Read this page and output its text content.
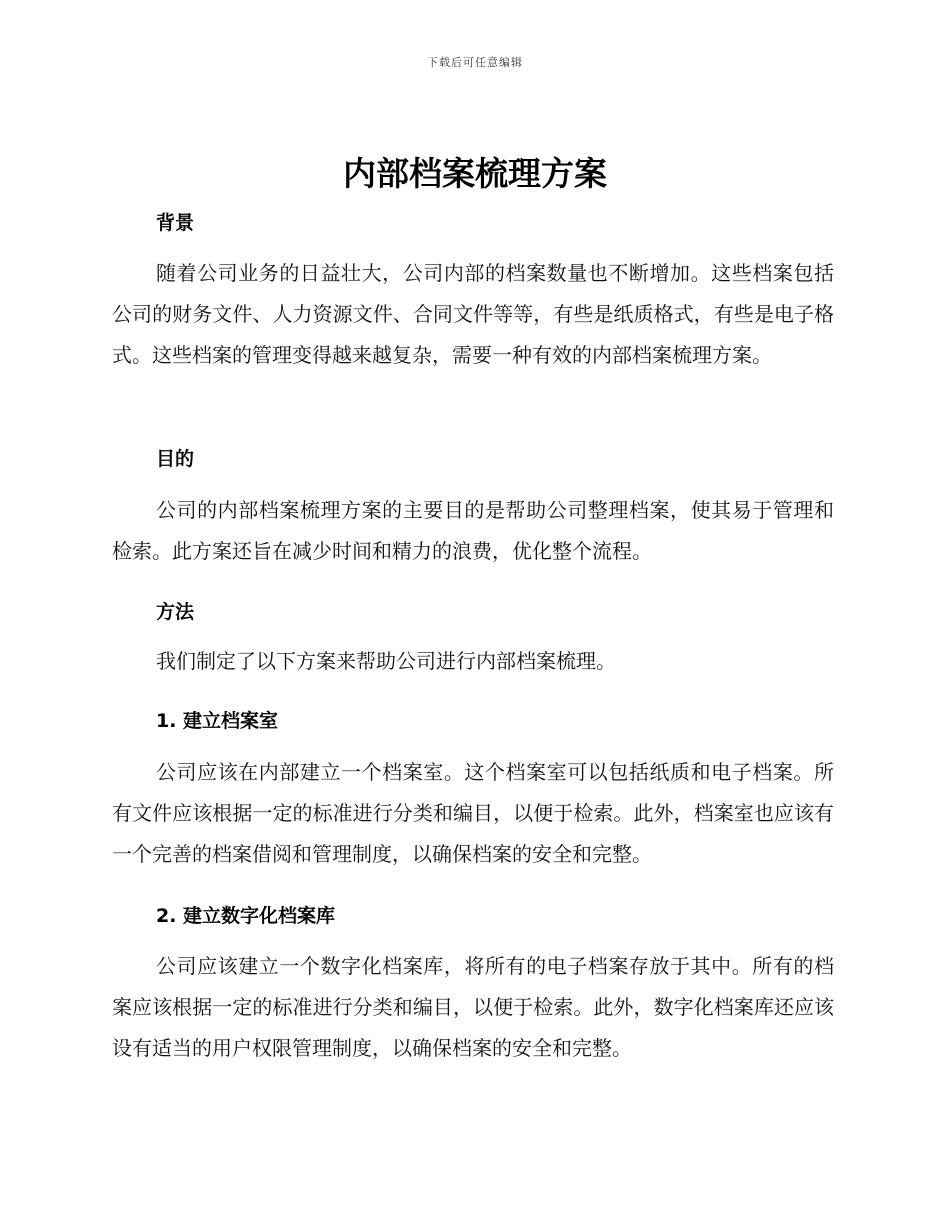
下载后可任意编辑
内部档案梳理方案
背景

随着公司业务的日益壮大，公司内部的档案数量也不断增加。这些档案包括公司的财务文件、人力资源文件、合同文件等等，有些是纸质格式，有些是电子格式。这些档案的管理变得越来越复杂，需要一种有效的内部档案梳理方案。

目的

公司的内部档案梳理方案的主要目的是帮助公司整理档案，使其易于管理和检索。此方案还旨在减少时间和精力的浪费，优化整个流程。

方法

我们制定了以下方案来帮助公司进行内部档案梳理。

1. 建立档案室

公司应该在内部建立一个档案室。这个档案室可以包括纸质和电子档案。所有文件应该根据一定的标准进行分类和编目，以便于检索。此外，档案室也应该有一个完善的档案借阅和管理制度，以确保档案的安全和完整。

2. 建立数字化档案库

公司应该建立一个数字化档案库，将所有的电子档案存放于其中。所有的档案应该根据一定的标准进行分类和编目，以便于检索。此外，数字化档案库还应该设有适当的用户权限管理制度，以确保档案的安全和完整。
